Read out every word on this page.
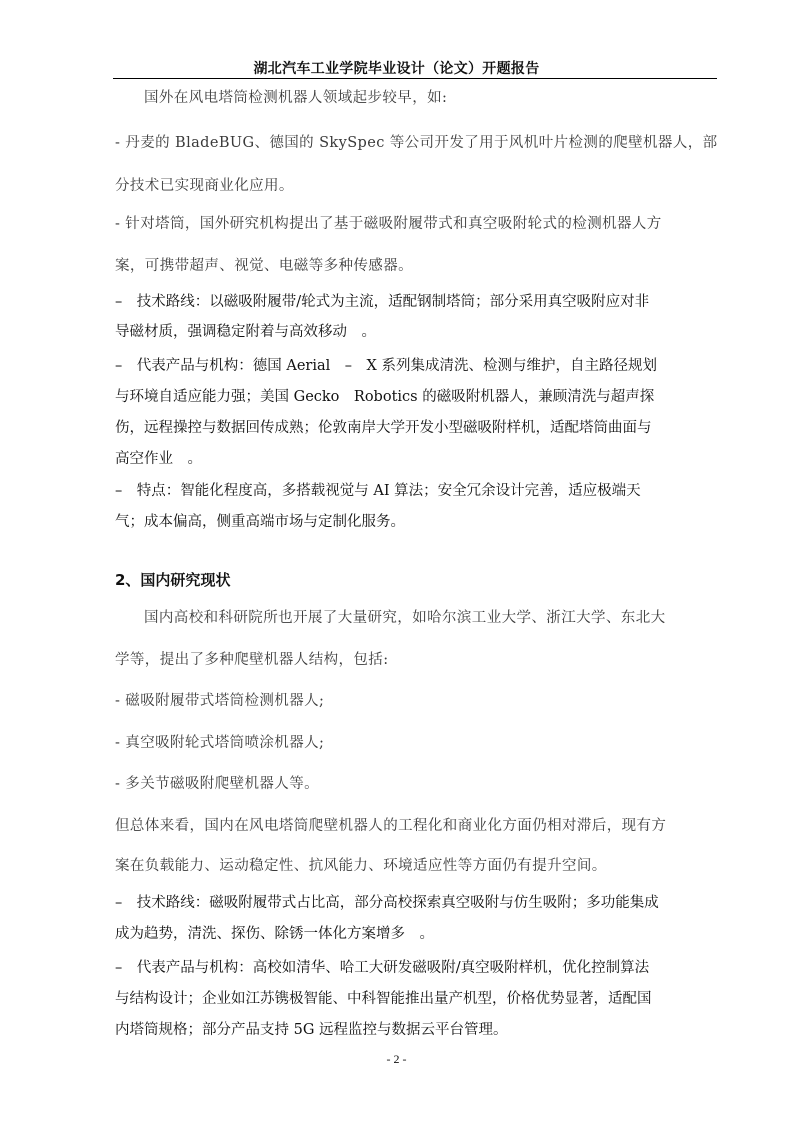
湖北汽车工业学院毕业设计（论文）开题报告

国外在风电塔筒检测机器人领域起步较早，如:

- 丹麦的 BladeBUG、德国的 SkySpec 等公司开发了用于风机叶片检测的爬壁机器人，部

分技术已实现商业化应用。

- 针对塔筒，国外研究机构提出了基于磁吸附履带式和真空吸附轮式的检测机器人方

案，可携带超声、视觉、电磁等多种传感器。

–　技术路线：以磁吸附履带/轮式为主流，适配钢制塔筒；部分采用真空吸附应对非

导磁材质，强调稳定附着与高效移动　。

–　代表产品与机构：德国 Aerial　–　X 系列集成清洗、检测与维护，自主路径规划

与环境自适应能力强；美国 Gecko　Robotics 的磁吸附机器人，兼顾清洗与超声探

伤，远程操控与数据回传成熟；伦敦南岸大学开发小型磁吸附样机，适配塔筒曲面与

高空作业　。

–　特点：智能化程度高，多搭载视觉与 AI 算法；安全冗余设计完善，适应极端天

气；成本偏高，侧重高端市场与定制化服务。

2、国内研究现状

国内高校和科研院所也开展了大量研究，如哈尔滨工业大学、浙江大学、东北大

学等，提出了多种爬壁机器人结构，包括:

- 磁吸附履带式塔筒检测机器人;

- 真空吸附轮式塔筒喷涂机器人;

- 多关节磁吸附爬壁机器人等。

但总体来看，国内在风电塔筒爬壁机器人的工程化和商业化方面仍相对滞后，现有方

案在负载能力、运动稳定性、抗风能力、环境适应性等方面仍有提升空间。

–　技术路线：磁吸附履带式占比高，部分高校探索真空吸附与仿生吸附；多功能集成

成为趋势，清洗、探伤、除锈一体化方案增多　。

–　代表产品与机构：高校如清华、哈工大研发磁吸附/真空吸附样机，优化控制算法

与结构设计；企业如江苏镌极智能、中科智能推出量产机型，价格优势显著，适配国

内塔筒规格；部分产品支持 5G 远程监控与数据云平台管理。

- 2 -
